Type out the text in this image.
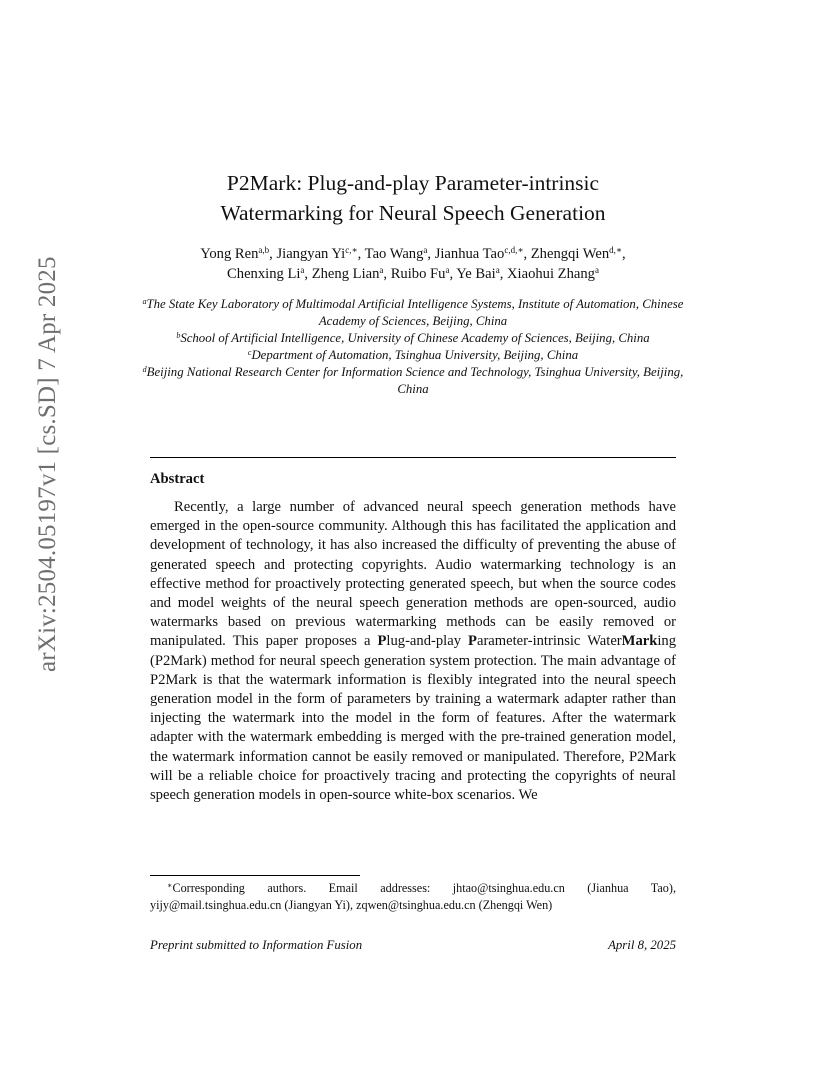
arXiv:2504.05197v1 [cs.SD] 7 Apr 2025
P2Mark: Plug-and-play Parameter-intrinsic
Watermarking for Neural Speech Generation
Yong Ren$^{a,b}$, Jiangyan $Yi^{c,∗}$, Tao Wang$^a$, Jianhua Tao$^{c,d,∗}$, Zhengqi Wen$^{d,∗}$,
Chenxing Li$^a$, Zheng Lian$^a$, Ruibo Fu$^a$, Ye Bai$^a$, Xiaohui Zhang$^a$
$^a$The State Key Laboratory of Multimodal Artificial Intelligence Systems, Institute of Automation, Chinese Academy of Sciences, Beijing, China
$^b$School of Artificial Intelligence, University of Chinese Academy of Sciences, Beijing, China
$^c$Department of Automation, Tsinghua University, Beijing, China
$^d$Beijing National Research Center for Information Science and Technology, Tsinghua University, Beijing, China
Abstract

Recently, a large number of advanced neural speech generation methods have emerged in the open-source community. Although this has facilitated the application and development of technology, it has also increased the difficulty of preventing the abuse of generated speech and protecting copyrights. Audio watermarking technology is an effective method for proactively protecting generated speech, but when the source codes and model weights of the neural speech generation methods are open-sourced, audio watermarks based on previous watermarking methods can be easily removed or manipulated. This paper proposes a Plug-and-play Parameter-intrinsic WaterMarking (P2Mark) method for neural speech generation system protection. The main advantage of P2Mark is that the watermark information is flexibly integrated into the neural speech generation model in the form of parameters by training a watermark adapter rather than injecting the watermark into the model in the form of features. After the watermark adapter with the watermark embedding is merged with the pre-trained generation model, the watermark information cannot be easily removed or manipulated. Therefore, P2Mark will be a reliable choice for proactively tracing and protecting the copyrights of neural speech generation models in open-source white-box scenarios. We

∗Corresponding authors. Email addresses: jhtao@tsinghua.edu.cn (Jianhua Tao), yijy@mail.tsinghua.edu.cn (Jiangyan Yi), zqwen@tsinghua.edu.cn (Zhengqi Wen)

Preprint submitted to Information Fusion	April 8, 2025
